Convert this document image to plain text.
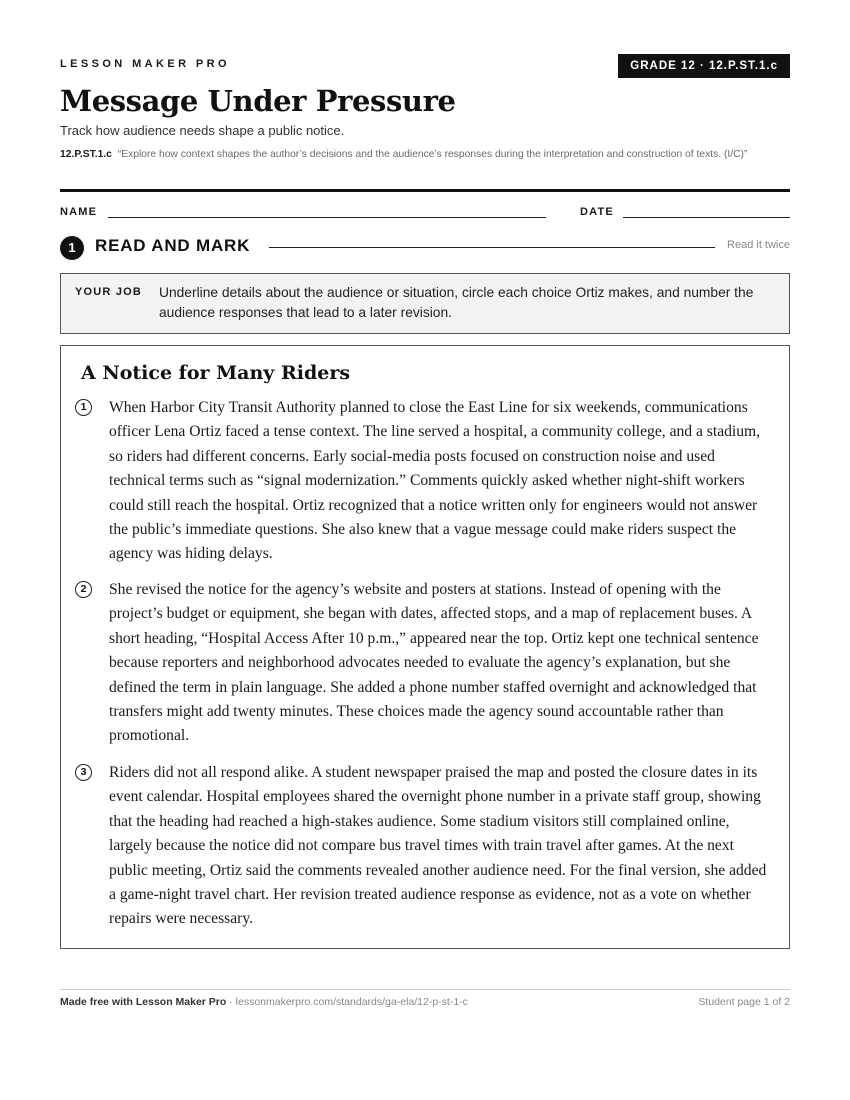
LESSON MAKER PRO	GRADE 12 · 12.P.ST.1.c
Message Under Pressure
Track how audience needs shape a public notice.
12.P.ST.1.c “Explore how context shapes the author’s decisions and the audience’s responses during the interpretation and construction of texts. (I/C)”
NAME	DATE
1	READ AND MARK	Read it twice
YOUR JOB Underline details about the audience or situation, circle each choice Ortiz makes, and number the audience responses that lead to a later revision.
A Notice for Many Riders
1	When Harbor City Transit Authority planned to close the East Line for six weekends, communications officer Lena Ortiz faced a tense context. The line served a hospital, a community college, and a stadium, so riders had different concerns. Early social-media posts focused on construction noise and used technical terms such as “signal modernization.” Comments quickly asked whether night-shift workers could still reach the hospital. Ortiz recognized that a notice written only for engineers would not answer the public’s immediate questions. She also knew that a vague message could make riders suspect the agency was hiding delays.

2	She revised the notice for the agency’s website and posters at stations. Instead of opening with the project’s budget or equipment, she began with dates, affected stops, and a map of replacement buses. A short heading, “Hospital Access After 10 p.m.,” appeared near the top. Ortiz kept one technical sentence because reporters and neighborhood advocates needed to evaluate the agency’s explanation, but she defined the term in plain language. She added a phone number staffed overnight and acknowledged that transfers might add twenty minutes. These choices made the agency sound accountable rather than promotional.

3	Riders did not all respond alike. A student newspaper praised the map and posted the closure dates in its event calendar. Hospital employees shared the overnight phone number in a private staff group, showing that the heading had reached a high-stakes audience. Some stadium visitors still complained online, largely because the notice did not compare bus travel times with train travel after games. At the next public meeting, Ortiz said the comments revealed another audience need. For the final version, she added a game-night travel chart. Her revision treated audience response as evidence, not as a vote on whether repairs were necessary.

Made free with Lesson Maker Pro · lessonmakerpro.com/standards/ga-ela/12-p-st-1-c	Student page 1 of 2
